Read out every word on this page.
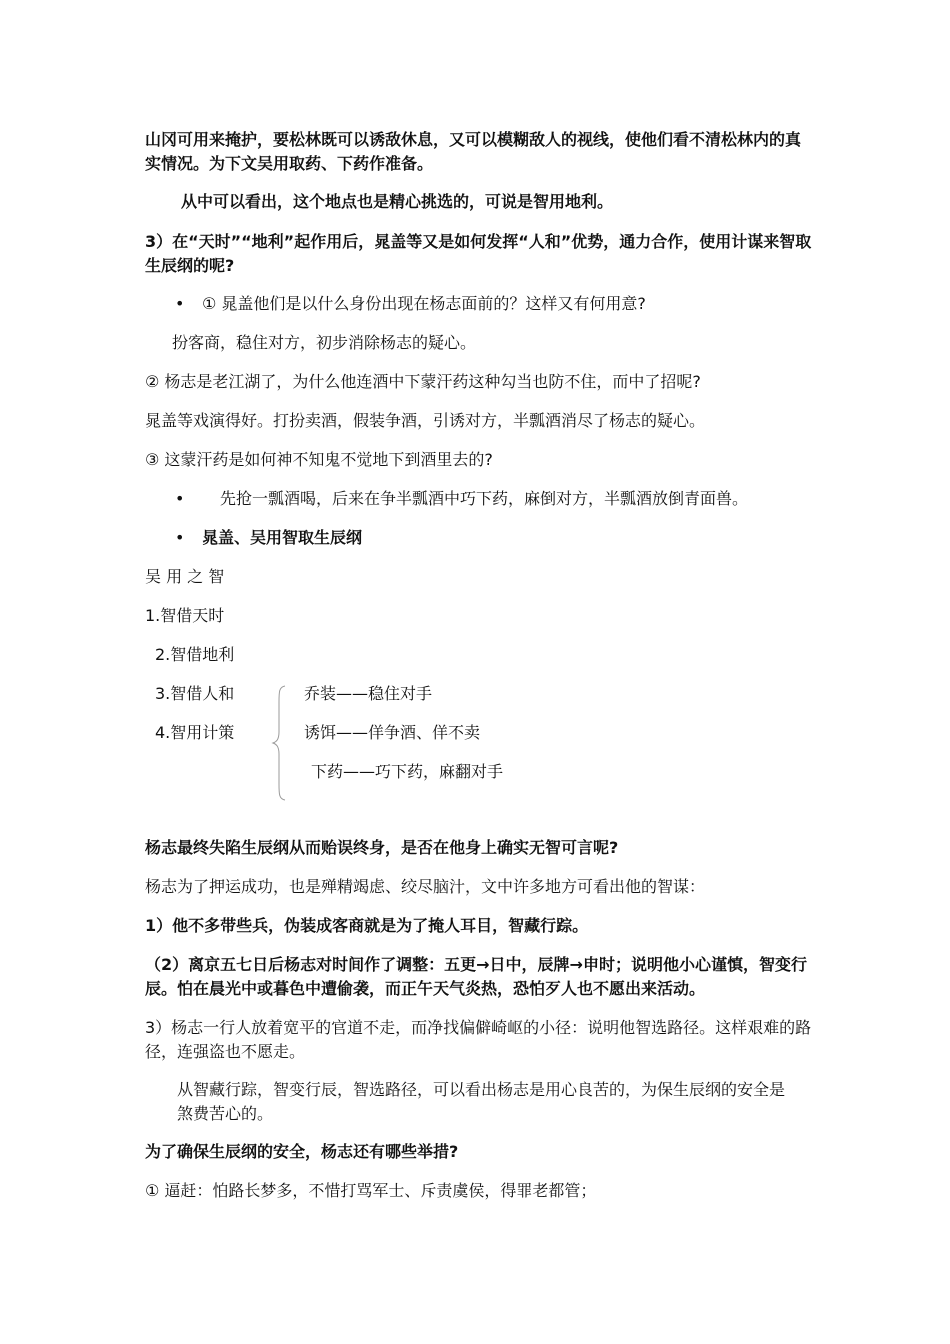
山冈可用来掩护，要松林既可以诱敌休息，又可以模糊敌人的视线，使他们看不清松林内的真实情况。为下文吴用取药、下药作准备。

从中可以看出，这个地点也是精心挑选的，可说是智用地利。

3）在“天时”“地利”起作用后，晁盖等又是如何发挥“人和”优势，通力合作，使用计谋来智取生辰纲的呢?

• ① 晁盖他们是以什么身份出现在杨志面前的？这样又有何用意?

扮客商，稳住对方，初步消除杨志的疑心。

② 杨志是老江湖了，为什么他连酒中下蒙汗药这种勾当也防不住，而中了招呢?

晁盖等戏演得好。打扮卖酒，假装争酒，引诱对方，半瓢酒消尽了杨志的疑心。

③ 这蒙汗药是如何神不知鬼不觉地下到酒里去的?

• 先抢一瓢酒喝，后来在争半瓢酒中巧下药，麻倒对方，半瓢酒放倒青面兽。

• 晁盖、吴用智取生辰纲

吴 用 之 智

1.智借天时

2.智借地利

3.智借人和

4.智用计策

乔装——稳住对手

诱饵——佯争酒、佯不卖

下药——巧下药，麻翻对手

杨志最终失陷生辰纲从而贻误终身，是否在他身上确实无智可言呢?

杨志为了押运成功，也是殚精竭虑、绞尽脑汁，文中许多地方可看出他的智谋：

1）他不多带些兵，伪装成客商就是为了掩人耳目，智藏行踪。

（2）离京五七日后杨志对时间作了调整：五更→日中，辰牌→申时；说明他小心谨慎，智变行辰。怕在晨光中或暮色中遭偷袭，而正午天气炎热，恐怕歹人也不愿出来活动。

3）杨志一行人放着宽平的官道不走，而净找偏僻崎岖的小径：说明他智选路径。这样艰难的路径，连强盗也不愿走。

从智藏行踪，智变行辰，智选路径，可以看出杨志是用心良苦的，为保生辰纲的安全是煞费苦心的。

为了确保生辰纲的安全，杨志还有哪些举措?

① 逼赶：怕路长梦多，不惜打骂军士、斥责虞侯，得罪老都管；
